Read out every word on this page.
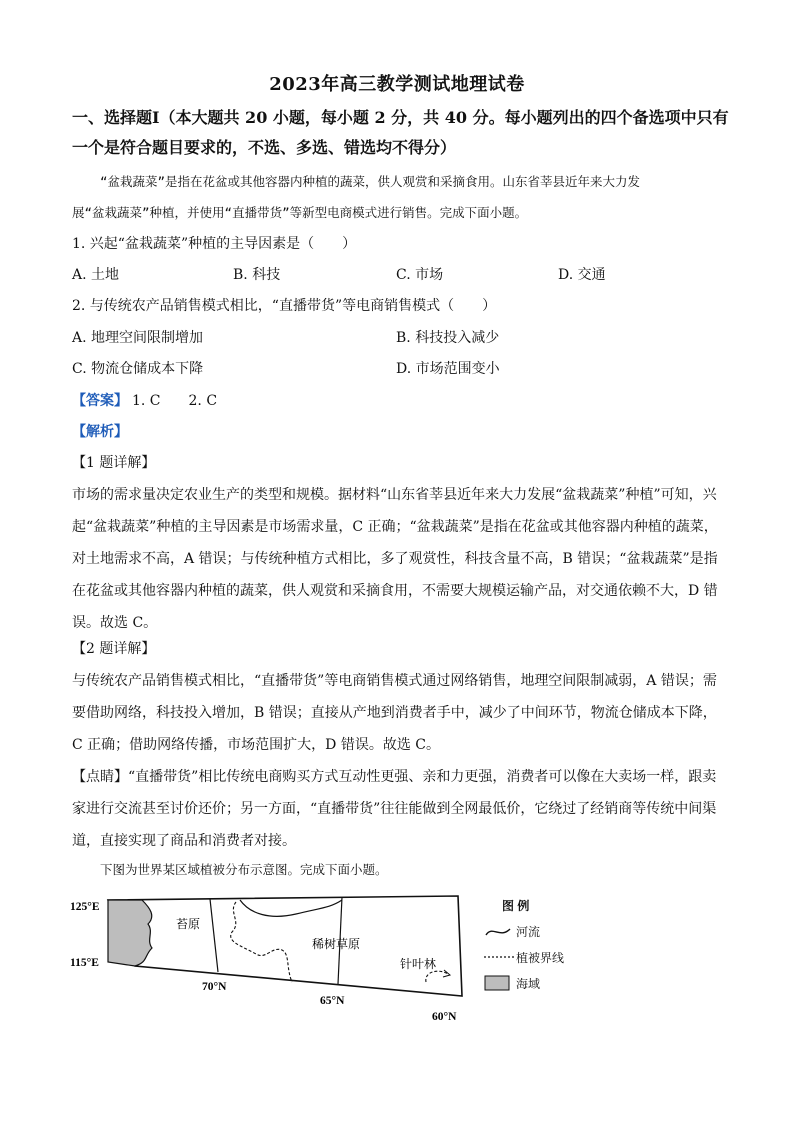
2023年高三教学测试地理试卷
一、选择题Ⅰ（本大题共 20 小题，每小题 2 分，共 40 分。每小题列出的四个备选项中只有
一个是符合题目要求的，不选、多选、错选均不得分）
“盆栽蔬菜”是指在花盆或其他容器内种植的蔬菜，供人观赏和采摘食用。山东省莘县近年来大力发
展“盆栽蔬菜”种植，并使用“直播带货”等新型电商模式进行销售。完成下面小题。
1. 兴起“盆栽蔬菜”种植的主导因素是（　　）
A. 土地	B. 科技	C. 市场	D. 交通
2. 与传统农产品销售模式相比，“直播带货”等电商销售模式（　　）
A. 地理空间限制增加	B. 科技投入减少
C. 物流仓储成本下降	D. 市场范围变小
【答案】 1. C　　2. C
【解析】
【1 题详解】
市场的需求量决定农业生产的类型和规模。据材料“山东省莘县近年来大力发展“盆栽蔬菜”种植”可知，兴
起“盆栽蔬菜”种植的主导因素是市场需求量，C 正确；“盆栽蔬菜”是指在花盆或其他容器内种植的蔬菜，
对土地需求不高，A 错误；与传统种植方式相比，多了观赏性，科技含量不高，B 错误；“盆栽蔬菜”是指
在花盆或其他容器内种植的蔬菜，供人观赏和采摘食用，不需要大规模运输产品，对交通依赖不大，D 错
误。故选 C。
【2 题详解】
与传统农产品销售模式相比，“直播带货”等电商销售模式通过网络销售，地理空间限制减弱，A 错误；需
要借助网络，科技投入增加，B 错误；直接从产地到消费者手中，减少了中间环节，物流仓储成本下降，
C 正确；借助网络传播，市场范围扩大，D 错误。故选 C。
【点睛】“直播带货”相比传统电商购买方式互动性更强、亲和力更强，消费者可以像在大卖场一样，跟卖
家进行交流甚至讨价还价；另一方面，“直播带货”往往能做到全网最低价，它绕过了经销商等传统中间渠
道，直接实现了商品和消费者对接。
下图为世界某区域植被分布示意图。完成下面小题。
苔原
稀树草原
针叶林
125°E
115°E
70°N
65°N
60°N
图 例
河流
植被界线
海域
